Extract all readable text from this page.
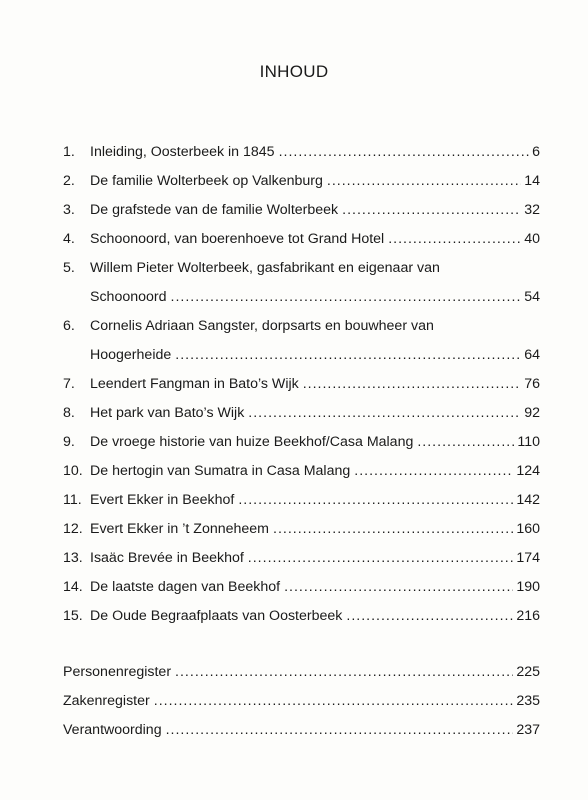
INHOUD
1.	Inleiding, Oosterbeek in 1845 .....	6
2.	De familie Wolterbeek op Valkenburg .....	14
3.	De grafstede van de familie Wolterbeek .....	32
4.	Schoonoord, van boerenhoeve tot Grand Hotel .....	40
5.	Willem Pieter Wolterbeek, gasfabrikant en eigenaar van
Schoonoord .....	54
6.	Cornelis Adriaan Sangster, dorpsarts en bouwheer van
Hoogerheide .....	64
7.	Leendert Fangman in Bato’s Wijk .....	76
8.	Het park van Bato’s Wijk .....	92
9.	De vroege historie van huize Beekhof/Casa Malang .....	110
10. De hertogin van Sumatra in Casa Malang .....	124
11. Evert Ekker in Beekhof .....	142
12. Evert Ekker in ’t Zonneheem .....	160
13. Isaäc Brevée in Beekhof .....	174
14. De laatste dagen van Beekhof .....	190
15. De Oude Begraafplaats van Oosterbeek .....	216
Personenregister .....	225
Zakenregister .....	235
Verantwoording .....	237
